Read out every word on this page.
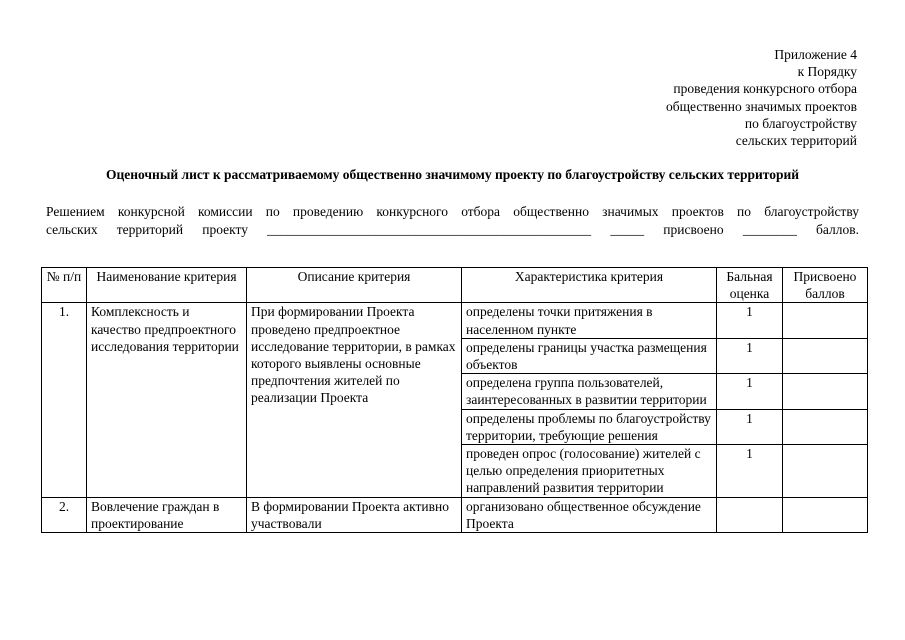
Приложение 4
к Порядку
проведения конкурсного отбора
общественно значимых проектов
по благоустройству
сельских территорий
Оценочный лист к рассматриваемому общественно значимому проекту по благоустройству сельских территорий
Решением конкурсной комиссии по проведению конкурсного отбора общественно значимых проектов по благоустройству
сельских территорий проекту ________________________________________________ _____ присвоено ________ баллов.
№ п/п	Наименование критерия	Описание критерия	Характеристика критерия	Бальная оценка	Присвоено баллов
1.	Комплексность и качество предпроектного исследования территории	При формировании Проекта проведено предпроектное исследование территории, в рамках которого выявлены основные предпочтения жителей по реализации Проекта	определены точки притяжения в населенном пункте	1	
			определены границы участка размещения объектов	1	
			определена группа пользователей, заинтересованных в развитии территории	1	
			определены проблемы по благоустройству территории, требующие решения	1	
			проведен опрос (голосование) жителей с целью определения приоритетных направлений развития территории	1	
2.	Вовлечение граждан в проектирование	В формировании Проекта активно участвовали	организовано общественное обсуждение Проекта		
